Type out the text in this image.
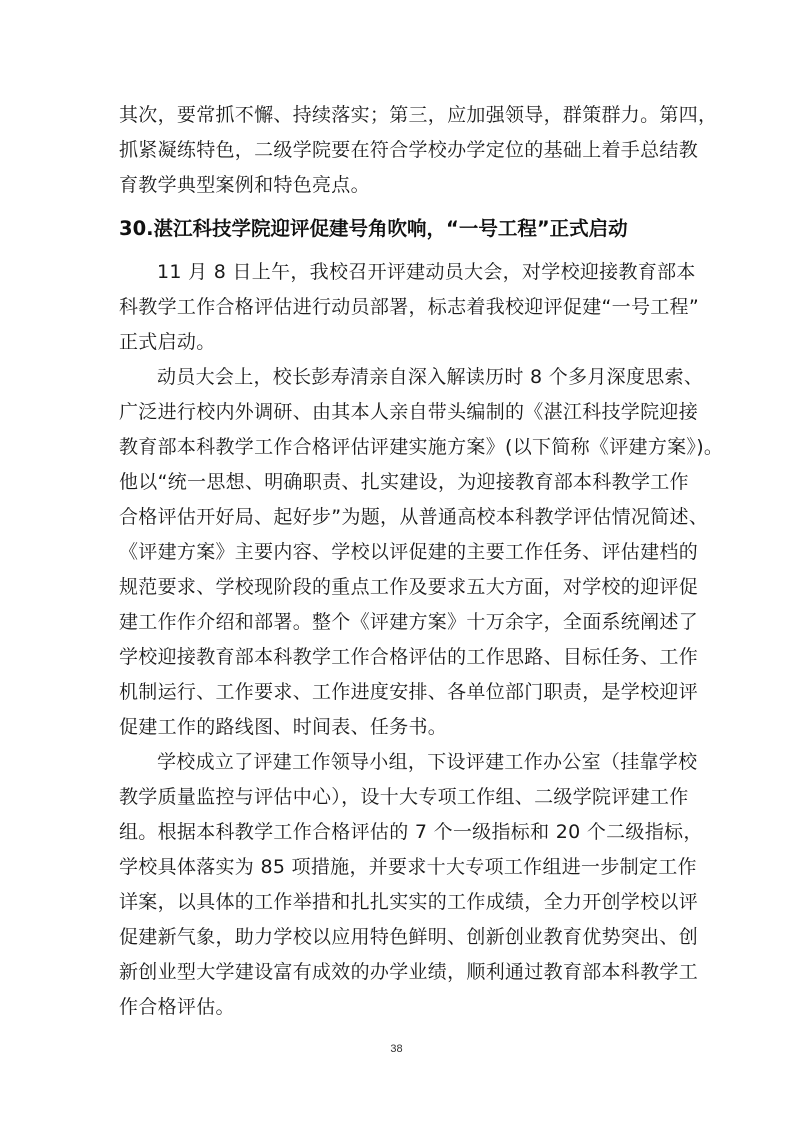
其次，要常抓不懈、持续落实；第三，应加强领导，群策群力。第四，
抓紧凝练特色，二级学院要在符合学校办学定位的基础上着手总结教
育教学典型案例和特色亮点。
30.湛江科技学院迎评促建号角吹响，“一号工程”正式启动
11 月 8 日上午，我校召开评建动员大会，对学校迎接教育部本
科教学工作合格评估进行动员部署，标志着我校迎评促建“一号工程”
正式启动。
动员大会上，校长彭寿清亲自深入解读历时 8 个多月深度思索、
广泛进行校内外调研、由其本人亲自带头编制的《湛江科技学院迎接
教育部本科教学工作合格评估评建实施方案》(以下简称《评建方案》)。
他以“统一思想、明确职责、扎实建设，为迎接教育部本科教学工作
合格评估开好局、起好步”为题，从普通高校本科教学评估情况简述、
《评建方案》主要内容、学校以评促建的主要工作任务、评估建档的
规范要求、学校现阶段的重点工作及要求五大方面，对学校的迎评促
建工作作介绍和部署。整个《评建方案》十万余字，全面系统阐述了
学校迎接教育部本科教学工作合格评估的工作思路、目标任务、工作
机制运行、工作要求、工作进度安排、各单位部门职责，是学校迎评
促建工作的路线图、时间表、任务书。
学校成立了评建工作领导小组，下设评建工作办公室（挂靠学校
教学质量监控与评估中心），设十大专项工作组、二级学院评建工作
组。根据本科教学工作合格评估的 7 个一级指标和 20 个二级指标，
学校具体落实为 85 项措施，并要求十大专项工作组进一步制定工作
详案，以具体的工作举措和扎扎实实的工作成绩，全力开创学校以评
促建新气象，助力学校以应用特色鲜明、创新创业教育优势突出、创
新创业型大学建设富有成效的办学业绩，顺利通过教育部本科教学工
作合格评估。
38
